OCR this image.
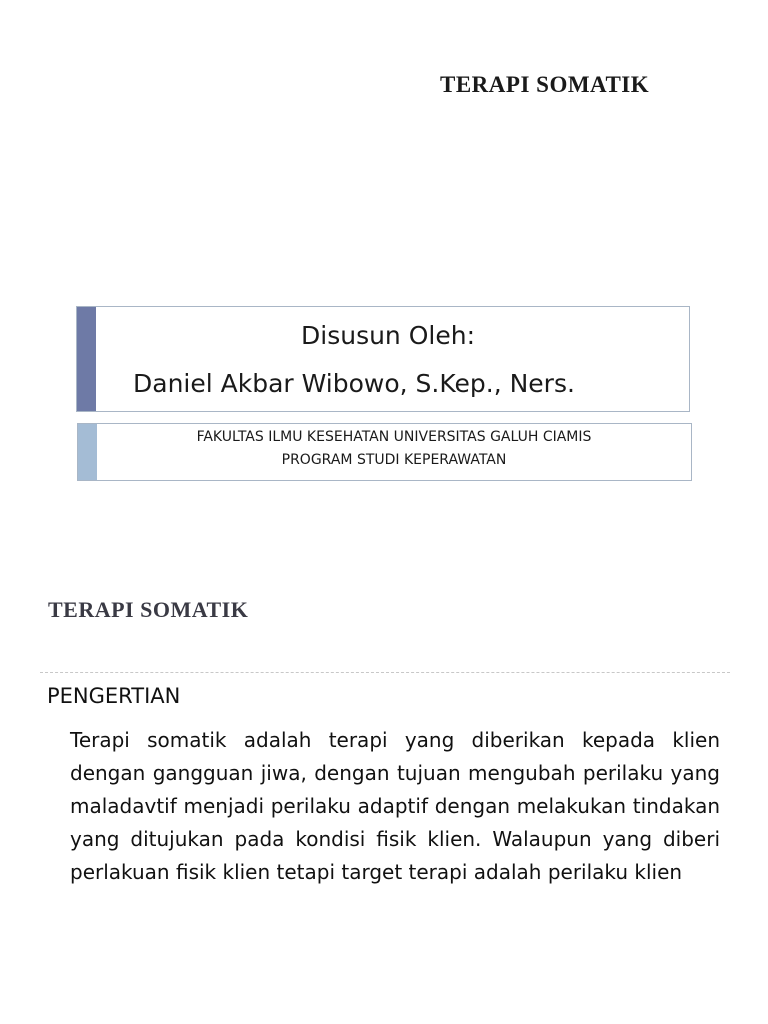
TERAPI SOMATIK
Disusun Oleh:
Daniel Akbar Wibowo, S.Kep., Ners.
FAKULTAS ILMU KESEHATAN UNIVERSITAS GALUH CIAMIS
PROGRAM STUDI KEPERAWATAN
TERAPI SOMATIK
PENGERTIAN
Terapi somatik adalah terapi yang diberikan kepada klien dengan gangguan jiwa, dengan tujuan mengubah perilaku yang maladavtif menjadi perilaku adaptif dengan melakukan tindakan yang ditujukan pada kondisi fisik klien. Walaupun yang diberi perlakuan fisik klien tetapi target terapi adalah perilaku klien
